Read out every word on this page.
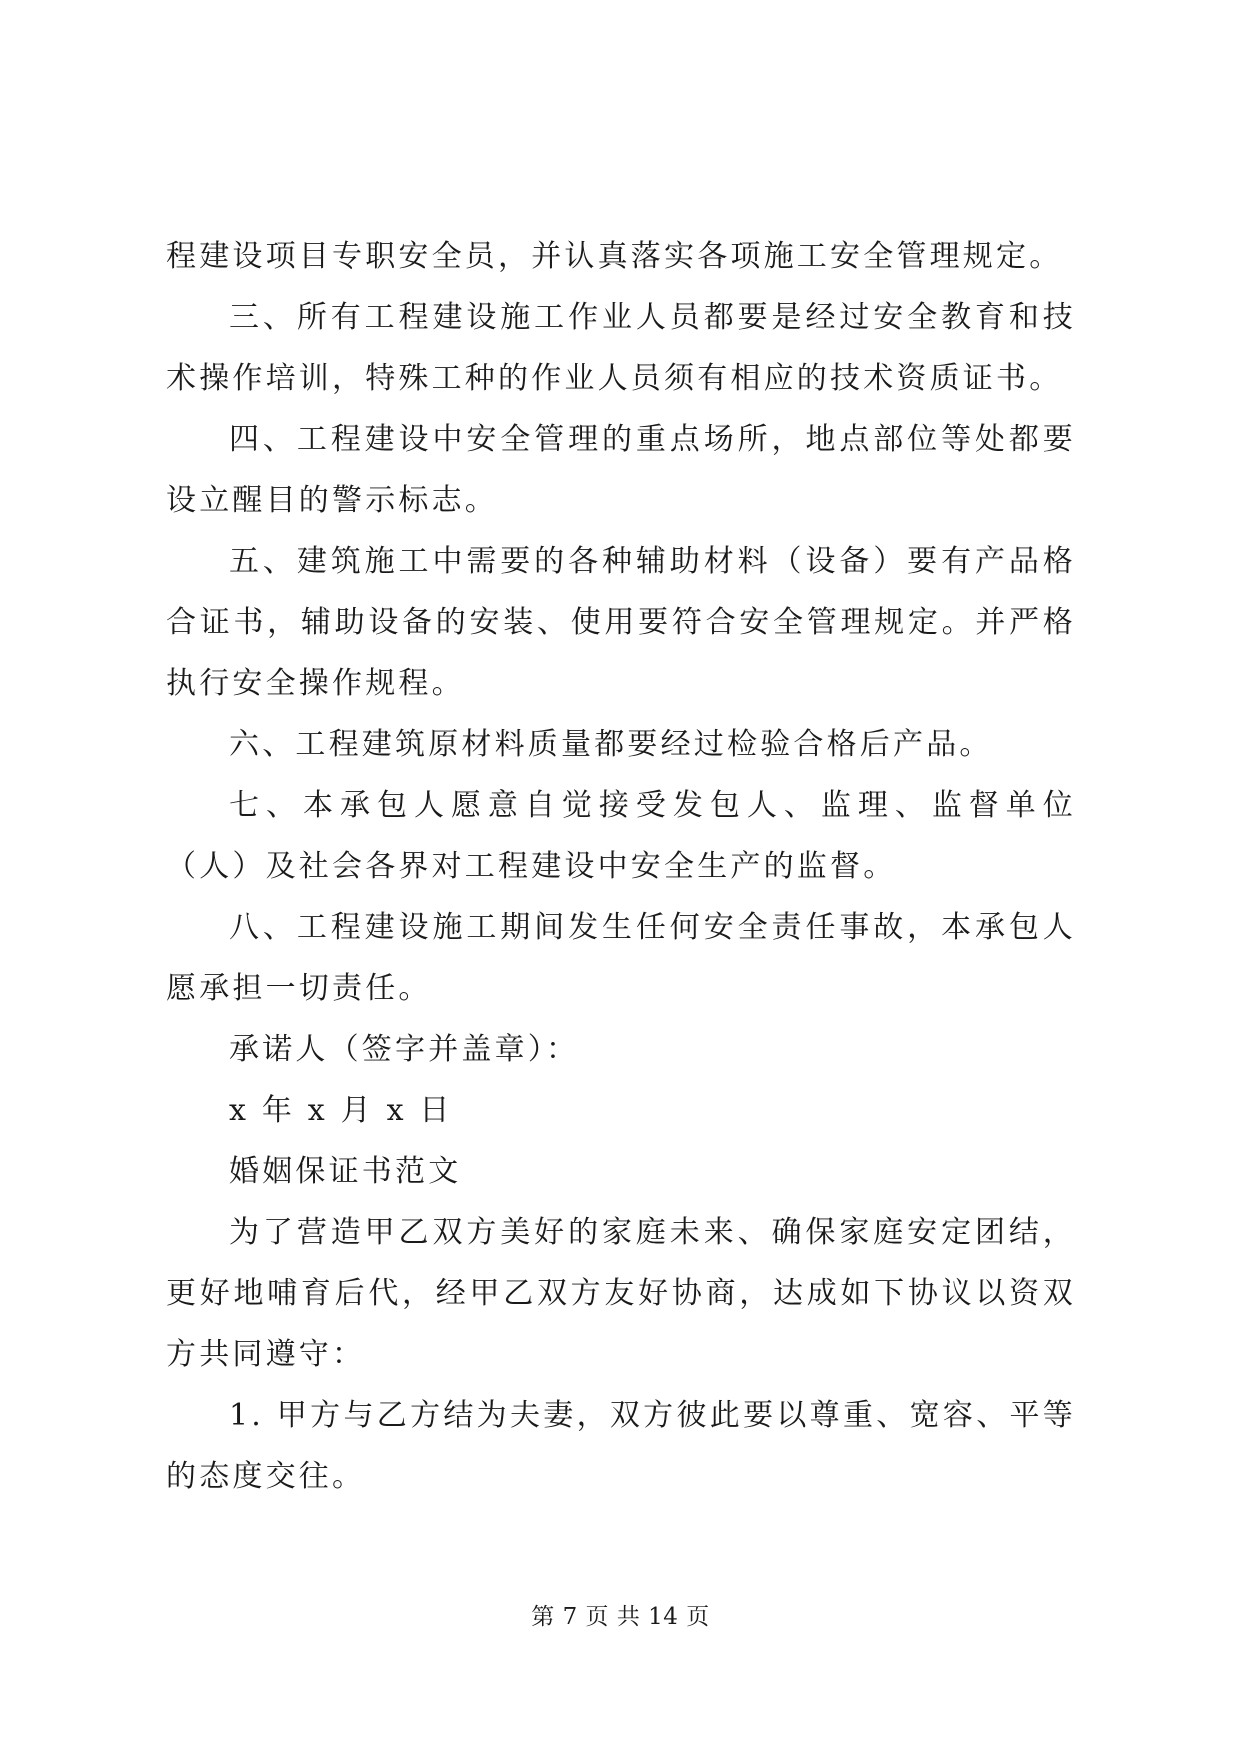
程建设项目专职安全员，并认真落实各项施工安全管理规定。

三、所有工程建设施工作业人员都要是经过安全教育和技术操作培训，特殊工种的作业人员须有相应的技术资质证书。

四、工程建设中安全管理的重点场所，地点部位等处都要设立醒目的警示标志。

五、建筑施工中需要的各种辅助材料（设备）要有产品格合证书，辅助设备的安装、使用要符合安全管理规定。并严格执行安全操作规程。

六、工程建筑原材料质量都要经过检验合格后产品。

七、本承包人愿意自觉接受发包人、监理、监督单位（人）及社会各界对工程建设中安全生产的监督。

八、工程建设施工期间发生任何安全责任事故，本承包人愿承担一切责任。

承诺人（签字并盖章）：

x 年 x 月 x 日

婚姻保证书范文

为了营造甲乙双方美好的家庭未来、确保家庭安定团结，更好地哺育后代，经甲乙双方友好协商，达成如下协议以资双方共同遵守：

1. 甲方与乙方结为夫妻，双方彼此要以尊重、宽容、平等的态度交往。

第 7 页 共 14 页
